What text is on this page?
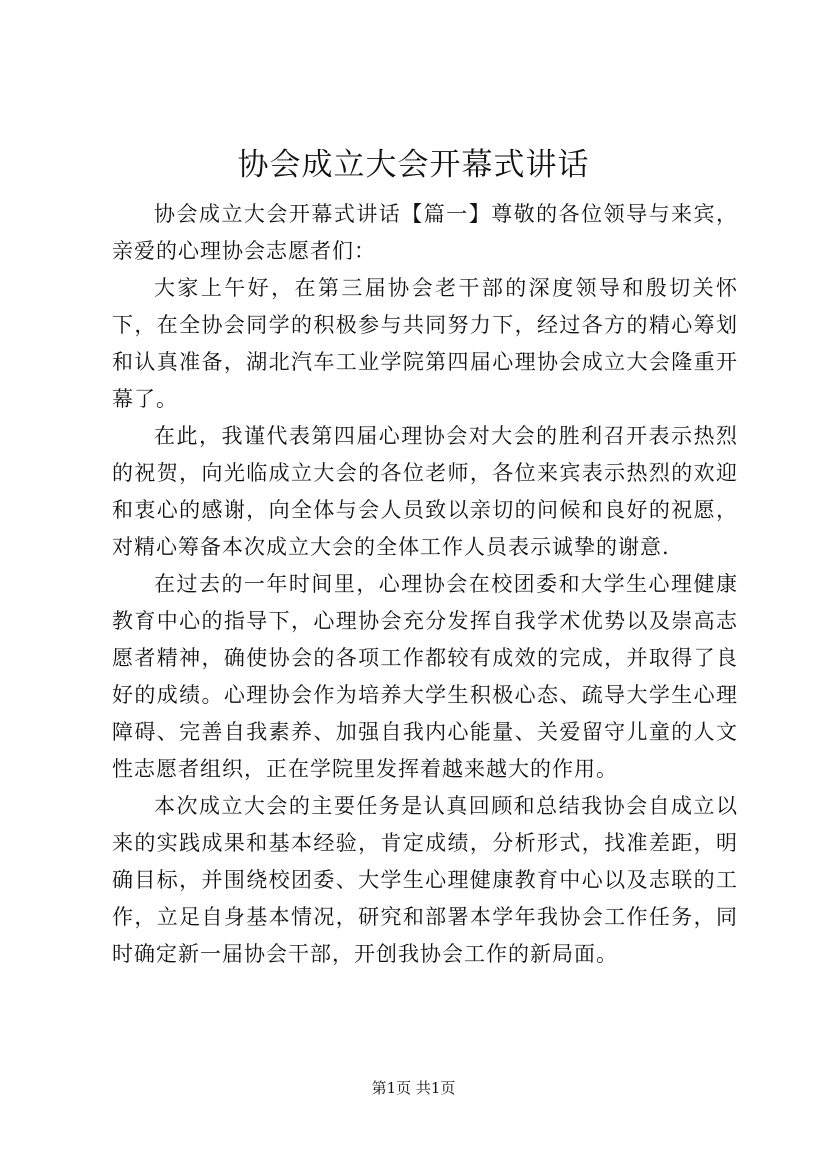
协会成立大会开幕式讲话

协会成立大会开幕式讲话【篇一】尊敬的各位领导与来宾，亲爱的心理协会志愿者们：

大家上午好，在第三届协会老干部的深度领导和殷切关怀下，在全协会同学的积极参与共同努力下，经过各方的精心筹划和认真准备，湖北汽车工业学院第四届心理协会成立大会隆重开幕了。

在此，我谨代表第四届心理协会对大会的胜利召开表示热烈的祝贺，向光临成立大会的各位老师，各位来宾表示热烈的欢迎和衷心的感谢，向全体与会人员致以亲切的问候和良好的祝愿，对精心筹备本次成立大会的全体工作人员表示诚挚的谢意.

在过去的一年时间里，心理协会在校团委和大学生心理健康教育中心的指导下，心理协会充分发挥自我学术优势以及崇高志愿者精神，确使协会的各项工作都较有成效的完成，并取得了良好的成绩。心理协会作为培养大学生积极心态、疏导大学生心理障碍、完善自我素养、加强自我内心能量、关爱留守儿童的人文性志愿者组织，正在学院里发挥着越来越大的作用。

本次成立大会的主要任务是认真回顾和总结我协会自成立以来的实践成果和基本经验，肯定成绩，分析形式，找准差距，明确目标，并围绕校团委、大学生心理健康教育中心以及志联的工作，立足自身基本情况，研究和部署本学年我协会工作任务，同时确定新一届协会干部，开创我协会工作的新局面。

第1页 共1页
